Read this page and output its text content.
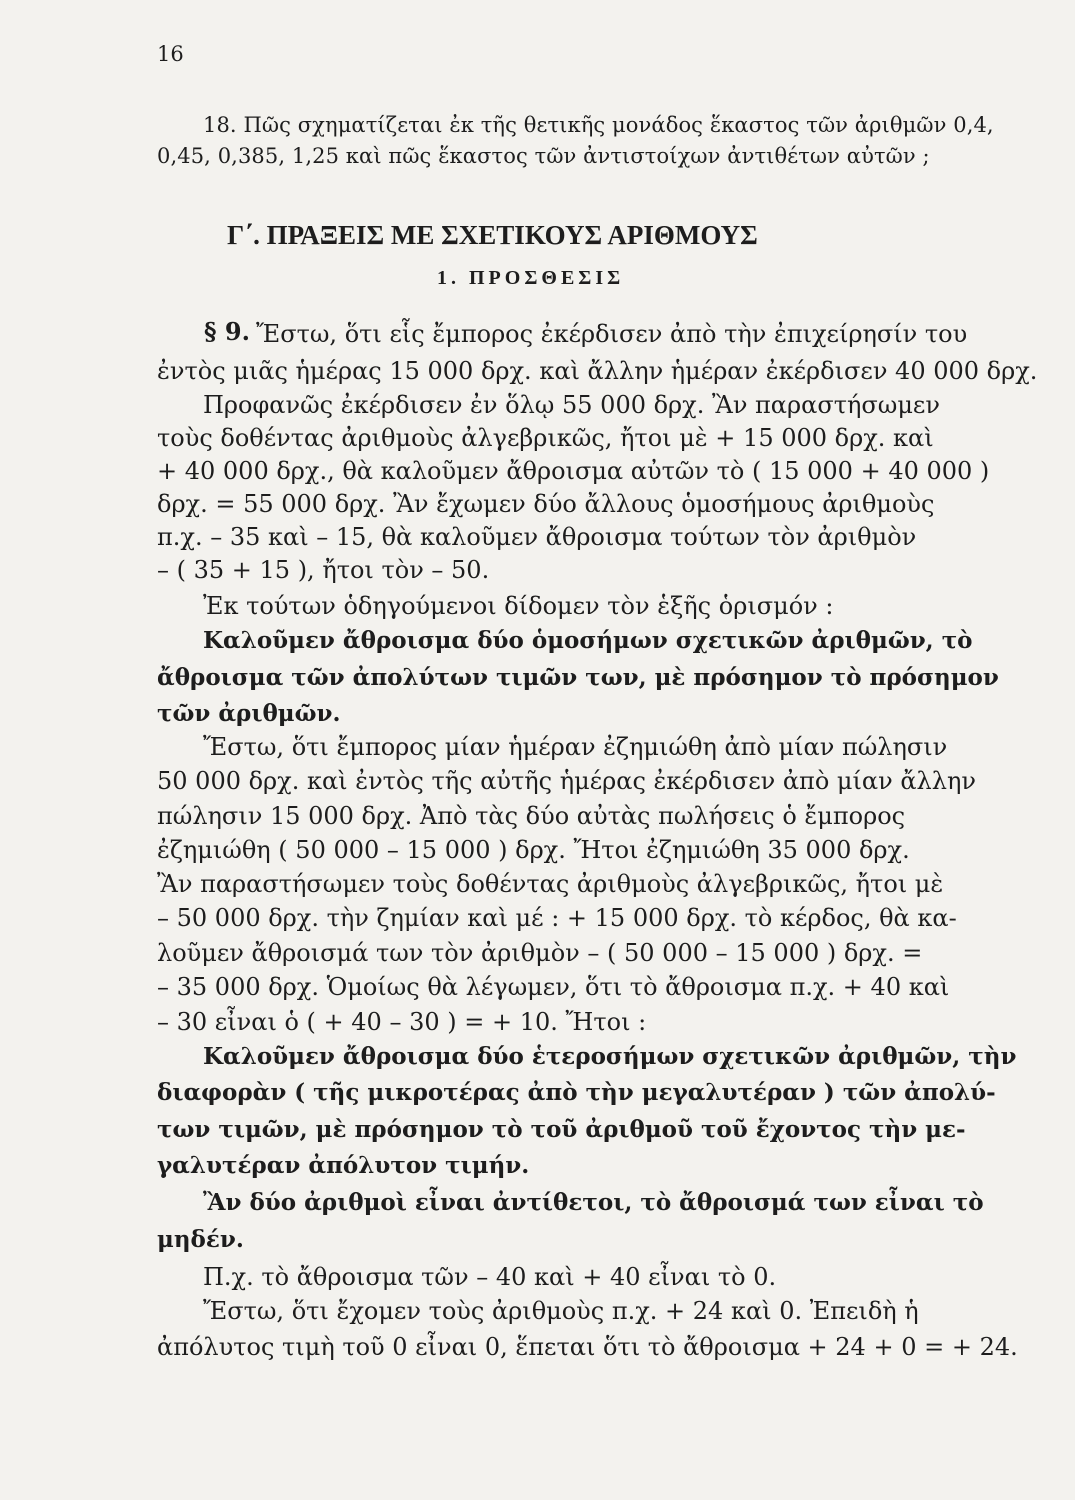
16

18. Πῶς σχηματίζεται ἐκ τῆς θετικῆς μονάδος ἕκαστος τῶν ἀριθμῶν 0,4,

0,45, 0,385, 1,25 καὶ πῶς ἕκαστος τῶν ἀντιστοίχων ἀντιθέτων αὐτῶν ;

Γ΄. ΠΡΑΞΕΙΣ ΜΕ ΣΧΕΤΙΚΟΥΣ ΑΡΙΘΜΟΥΣ

1. ΠΡΟΣΘΕΣΙΣ

§ 9. Ἔστω, ὅτι εἷς ἔμπορος ἐκέρδισεν ἀπὸ τὴν ἐπιχείρησίν του

ἐντὸς μιᾶς ἡμέρας 15 000 δρχ. καὶ ἄλλην ἡμέραν ἐκέρδισεν 40 000 δρχ.

Προφανῶς ἐκέρδισεν ἐν ὅλῳ 55 000 δρχ. Ἂν παραστήσωμεν

τοὺς δοθέντας ἀριθμοὺς ἀλγεβρικῶς, ἤτοι μὲ + 15 000 δρχ. καὶ

+ 40 000 δρχ., θὰ καλοῦμεν ἄθροισμα αὐτῶν τὸ ( 15 000 + 40 000 )

δρχ. = 55 000 δρχ. Ἂν ἔχωμεν δύο ἄλλους ὁμοσήμους ἀριθμοὺς

π.χ. – 35 καὶ – 15, θὰ καλοῦμεν ἄθροισμα τούτων τὸν ἀριθμὸν

– ( 35 + 15 ), ἤτοι τὸν – 50.

Ἐκ τούτων ὁδηγούμενοι δίδομεν τὸν ἑξῆς ὁρισμόν :

Καλοῦμεν ἄθροισμα δύο ὁμοσήμων σχετικῶν ἀριθμῶν, τὸ

ἄθροισμα τῶν ἀπολύτων τιμῶν των, μὲ πρόσημον τὸ πρόσημον

τῶν ἀριθμῶν.

Ἔστω, ὅτι ἔμπορος μίαν ἡμέραν ἐζημιώθη ἀπὸ μίαν πώλησιν

50 000 δρχ. καὶ ἐντὸς τῆς αὐτῆς ἡμέρας ἐκέρδισεν ἀπὸ μίαν ἄλλην

πώλησιν 15 000 δρχ. Ἀπὸ τὰς δύο αὐτὰς πωλήσεις ὁ ἔμπορος

ἐζημιώθη ( 50 000 – 15 000 ) δρχ. Ἤτοι ἐζημιώθη 35 000 δρχ.

Ἂν παραστήσωμεν τοὺς δοθέντας ἀριθμοὺς ἀλγεβρικῶς, ἤτοι μὲ

– 50 000 δρχ. τὴν ζημίαν καὶ μέ : + 15 000 δρχ. τὸ κέρδος, θὰ κα-

λοῦμεν ἄθροισμά των τὸν ἀριθμὸν – ( 50 000 – 15 000 ) δρχ. =

– 35 000 δρχ. Ὁμοίως θὰ λέγωμεν, ὅτι τὸ ἄθροισμα π.χ. + 40 καὶ

– 30 εἶναι ὁ ( + 40 – 30 ) = + 10. Ἤτοι :

Καλοῦμεν ἄθροισμα δύο ἑτεροσήμων σχετικῶν ἀριθμῶν, τὴν

διαφορὰν ( τῆς μικροτέρας ἀπὸ τὴν μεγαλυτέραν ) τῶν ἀπολύ-

των τιμῶν, μὲ πρόσημον τὸ τοῦ ἀριθμοῦ τοῦ ἔχοντος τὴν με-

γαλυτέραν ἀπόλυτον τιμήν.

Ἂν δύο ἀριθμοὶ εἶναι ἀντίθετοι, τὸ ἄθροισμά των εἶναι τὸ

μηδέν.

Π.χ. τὸ ἄθροισμα τῶν – 40 καὶ + 40 εἶναι τὸ 0.

Ἔστω, ὅτι ἔχομεν τοὺς ἀριθμοὺς π.χ. + 24 καὶ 0. Ἐπειδὴ ἡ

ἀπόλυτος τιμὴ τοῦ 0 εἶναι 0, ἕπεται ὅτι τὸ ἄθροισμα + 24 + 0 = + 24.
